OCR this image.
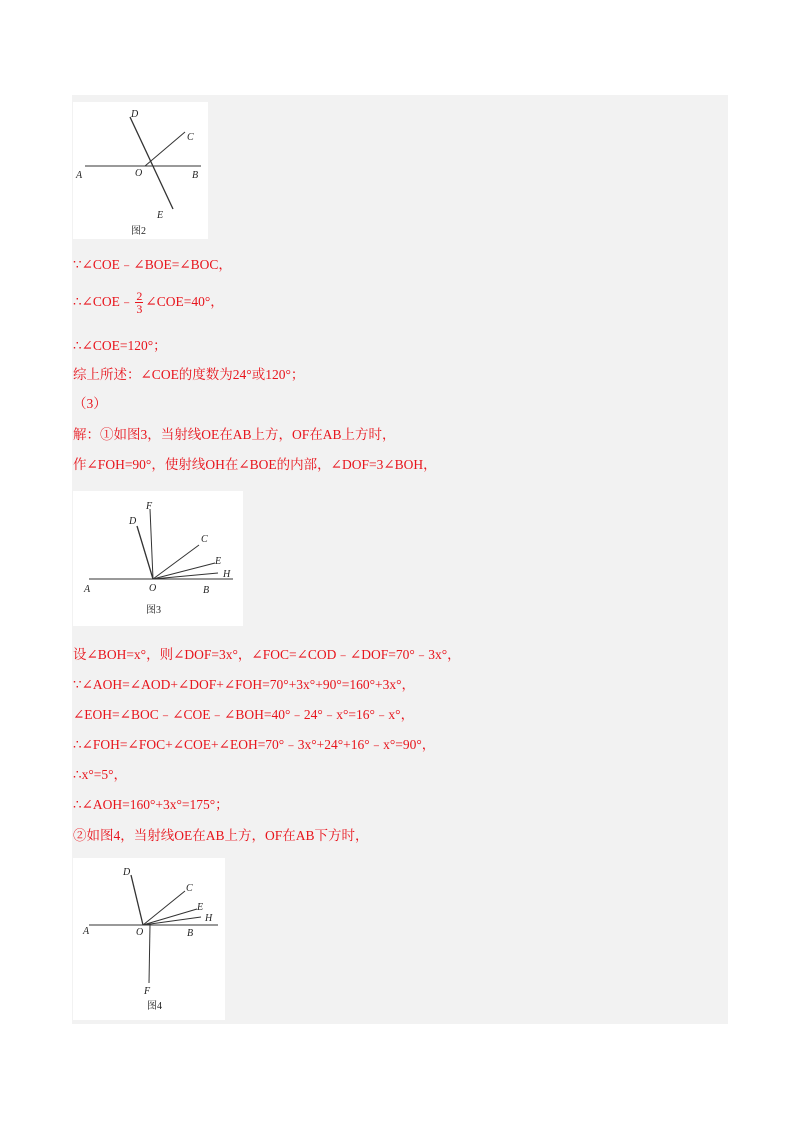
D
C
A	O	B
E
图2
∵∠COE﹣∠BOE=∠BOC，
∴∠COE﹣ $\frac{2}{3}$ ∠COE=40°，
∴∠COE=120°；
综上所述：∠COE的度数为24°或120°；
（3）
解：①如图3，当射线OE在AB上方，OF在AB上方时，
作∠FOH=90°，使射线OH在∠BOE的内部，∠DOF=3∠BOH，
D
F
C
E
H
A	O	B
图3
设∠BOH=x°，则∠DOF=3x°，∠FOC=∠COD﹣∠DOF=70°﹣3x°，
∵∠AOH=∠AOD+∠DOF+∠FOH=70°+3x°+90°=160°+3x°，
∠EOH=∠BOC﹣∠COE﹣∠BOH=40°﹣24°﹣x°=16°﹣x°，
∴∠FOH=∠FOC+∠COE+∠EOH=70°﹣3x°+24°+16°﹣x°=90°，
∴x°=5°，
∴∠AOH=160°+3x°=175°；
②如图4，当射线OE在AB上方，OF在AB下方时，
D
C
E
H
A	O	B
F
图4
